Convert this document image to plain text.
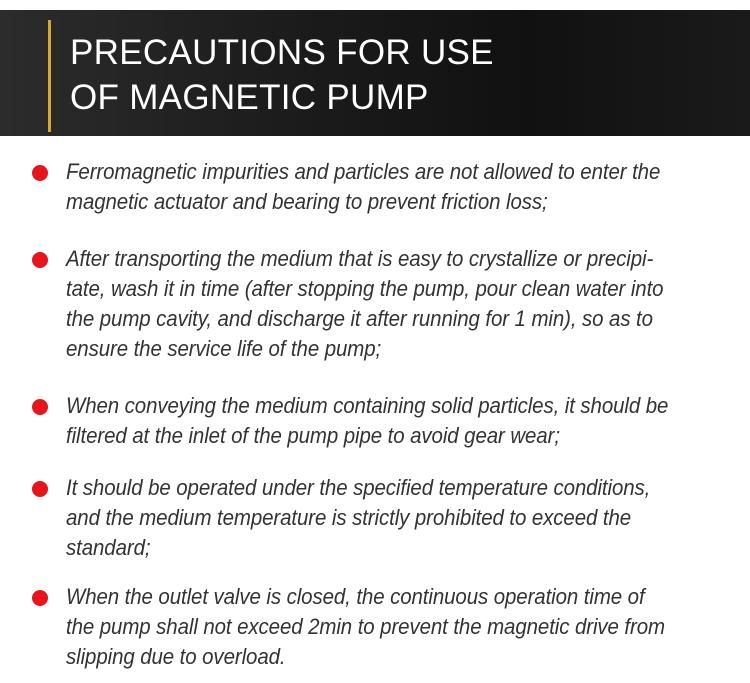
PRECAUTIONS FOR USE
OF MAGNETIC PUMP

Ferromagnetic impurities and particles are not allowed to enter the
magnetic actuator and bearing to prevent friction loss;

After transporting the medium that is easy to crystallize or precipi-
tate, wash it in time (after stopping the pump, pour clean water into
the pump cavity, and discharge it after running for 1 min), so as to
ensure the service life of the pump;

When conveying the medium containing solid particles, it should be
filtered at the inlet of the pump pipe to avoid gear wear;

It should be operated under the specified temperature conditions,
and the medium temperature is strictly prohibited to exceed the
standard;

When the outlet valve is closed, the continuous operation time of
the pump shall not exceed 2min to prevent the magnetic drive from
slipping due to overload.
